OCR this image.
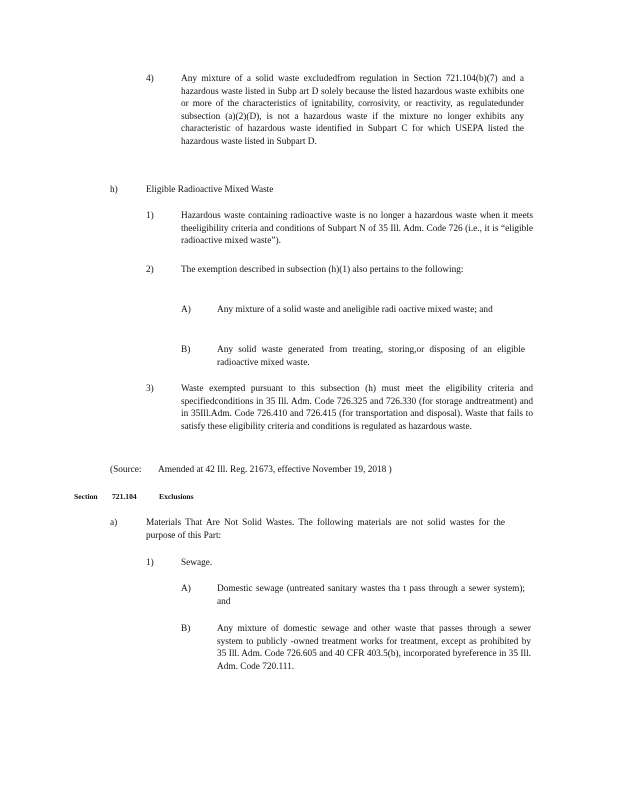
4)	Any mixture of a solid waste excludedfrom regulation in Section 721.104(b)(7) and a hazardous waste listed in Subp art D solely because the listed hazardous waste exhibits one or more of the characteristics of ignitability, corrosivity, or reactivity, as regulatedunder subsection (a)(2)(D), is not a hazardous waste if the mixture no longer exhibits any characteristic of hazardous waste identified in Subpart C for which USEPA listed the hazardous waste listed in Subpart D.

h)	Eligible Radioactive Mixed Waste

1)	Hazardous waste containing radioactive waste is no longer a hazardous waste when it meets theeligibility criteria and conditions of Subpart N of 35 Ill. Adm. Code 726 (i.e., it is “eligible radioactive mixed waste”).

2)	The exemption described in subsection (h)(1) also pertains to the following:

A)	Any mixture of a solid waste and aneligible radi oactive mixed waste; and

B)	Any solid waste generated from treating, storing,or disposing of an eligible radioactive mixed waste.

3)	Waste exempted pursuant to this subsection (h) must meet the eligibility criteria and specifiedconditions in 35 Ill. Adm. Code 726.325 and 726.330 (for storage andtreatment) and in 35Ill.Adm. Code 726.410 and 726.415 (for transportation and disposal). Waste that fails to satisfy these eligibility criteria and conditions is regulated as hazardous waste.

(Source: Amended at 42 Ill. Reg. 21673, effective November 19, 2018 )

Section 721.104	Exclusions
a)	Materials That Are Not Solid Wastes. The following materials are not solid wastes for the purpose of this Part:

1)	Sewage.

A)	Domestic sewage (untreated sanitary wastes tha t pass through a sewer system); and

B)	Any mixture of domestic sewage and other waste that passes through a sewer system to publicly -owned treatment works for treatment, except as prohibited by 35 Ill. Adm. Code 726.605 and 40 CFR 403.5(b), incorporated byreference in 35 Ill. Adm. Code 720.111.
